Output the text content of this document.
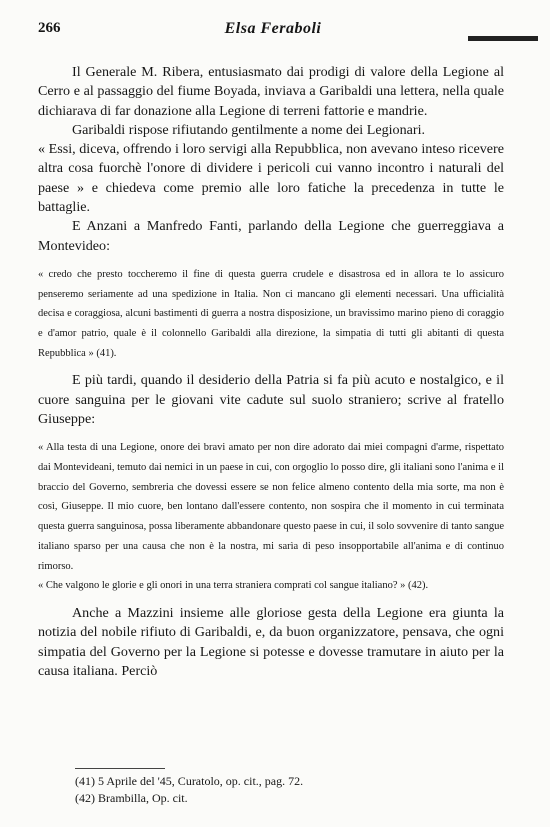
266	Elsa Feraboli

Il Generale M. Ribera, entusiasmato dai prodigi di valore della Legione al Cerro e al passaggio del fiume Boyada, inviava a Garibaldi una lettera, nella quale dichiarava di far donazione alla Legione di terreni fattorie e mandrie.

Garibaldi rispose rifiutando gentilmente a nome dei Legionari.

« Essi, diceva, offrendo i loro servigi alla Repubblica, non avevano inteso ricevere altra cosa fuorchè l'onore di dividere i pericoli cui vanno incontro i naturali del paese » e chiedeva come premio alle loro fatiche la precedenza in tutte le battaglie.

E Anzani a Manfredo Fanti, parlando della Legione che guerreggiava a Montevideo:

« credo che presto toccheremo il fine di questa guerra crudele e disastrosa ed in allora te lo assicuro penseremo seriamente ad una spedizione in Italia. Non ci mancano gli elementi necessari. Una ufficialità decisa e coraggiosa, alcuni bastimenti di guerra a nostra disposizione, un bravissimo marino pieno di coraggio e d'amor patrio, quale è il colonnello Garibaldi alla direzione, la simpatia di tutti gli abitanti di questa Repubblica » (41).

E più tardi, quando il desiderio della Patria si fa più acuto e nostalgico, e il cuore sanguina per le giovani vite cadute sul suolo straniero; scrive al fratello Giuseppe:

« Alla testa di una Legione, onore dei bravi amato per non dire adorato dai miei compagni d'arme, rispettato dai Montevideani, temuto dai nemici in un paese in cui, con orgoglio lo posso dire, gli italiani sono l'anima e il braccio del Governo, sembreria che dovessi essere se non felice almeno contento della mia sorte, ma non è così, Giuseppe. Il mio cuore, ben lontano dall'essere contento, non sospira che il momento in cui terminata questa guerra sanguinosa, possa liberamente abbandonare questo paese in cui, il solo sovvenire di tanto sangue italiano sparso per una causa che non è la nostra, mi sarìa di peso insopportabile all'anima e di continuo rimorso.

« Che valgono le glorie e gli onori in una terra straniera comprati col sangue italiano? » (42).

Anche a Mazzini insieme alle gloriose gesta della Legione era giunta la notizia del nobile rifiuto di Garibaldi, e, da buon organizzatore, pensava, che ogni simpatia del Governo per la Legione si potesse e dovesse tramutare in aiuto per la causa italiana. Perciò

(41) 5 Aprile del '45, Curatolo, op. cit., pag. 72.
(42) Brambilla, Op. cit.
